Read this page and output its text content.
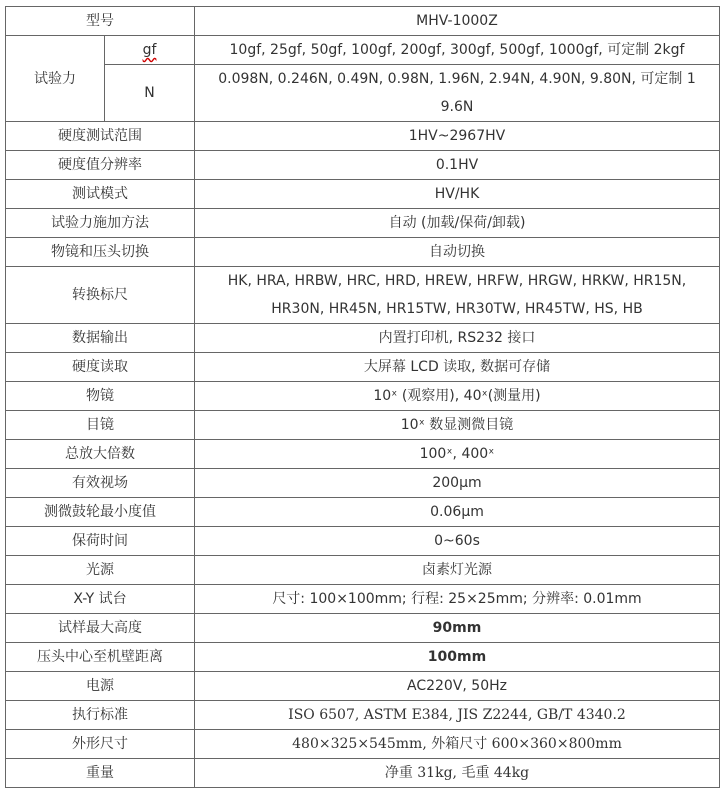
型号		MHV-1000Z
试验力	gf	10gf, 25gf, 50gf, 100gf, 200gf, 300gf, 500gf, 1000gf, 可定制 2kgf
	N	0.098N, 0.246N, 0.49N, 0.98N, 1.96N, 2.94N, 4.90N, 9.80N, 可定制 1
9.6N

硬度测试范围		1HV~2967HV
硬度值分辨率		0.1HV
测试模式		HV/HK
试验力施加方法		自动 (加载/保荷/卸载)
物镜和压头切换		自动切换
转换标尺		HK, HRA, HRBW, HRC, HRD, HREW, HRFW, HRGW, HRKW, HR15N,
HR30N, HR45N, HR15TW, HR30TW, HR45TW, HS, HB

数据输出		内置打印机, RS232 接口
硬度读取		大屏幕 LCD 读取, 数据可存储
物镜		10ˣ (观察用), 40ˣ(测量用)
目镜		10ˣ 数显测微目镜
总放大倍数		100ˣ, 400ˣ
有效视场		200μm
测微鼓轮最小度值		0.06μm
保荷时间		0~60s
光源		卤素灯光源
X-Y 试台		尺寸: 100×100mm; 行程: 25×25mm; 分辨率: 0.01mm
试样最大高度		90mm
压头中心至机壁距离		100mm
电源		AC220V, 50Hz
执行标准		ISO 6507, ASTM E384, JIS Z2244, GB/T 4340.2
外形尺寸		480×325×545mm, 外箱尺寸 600×360×800mm
重量		净重 31kg, 毛重 44kg
